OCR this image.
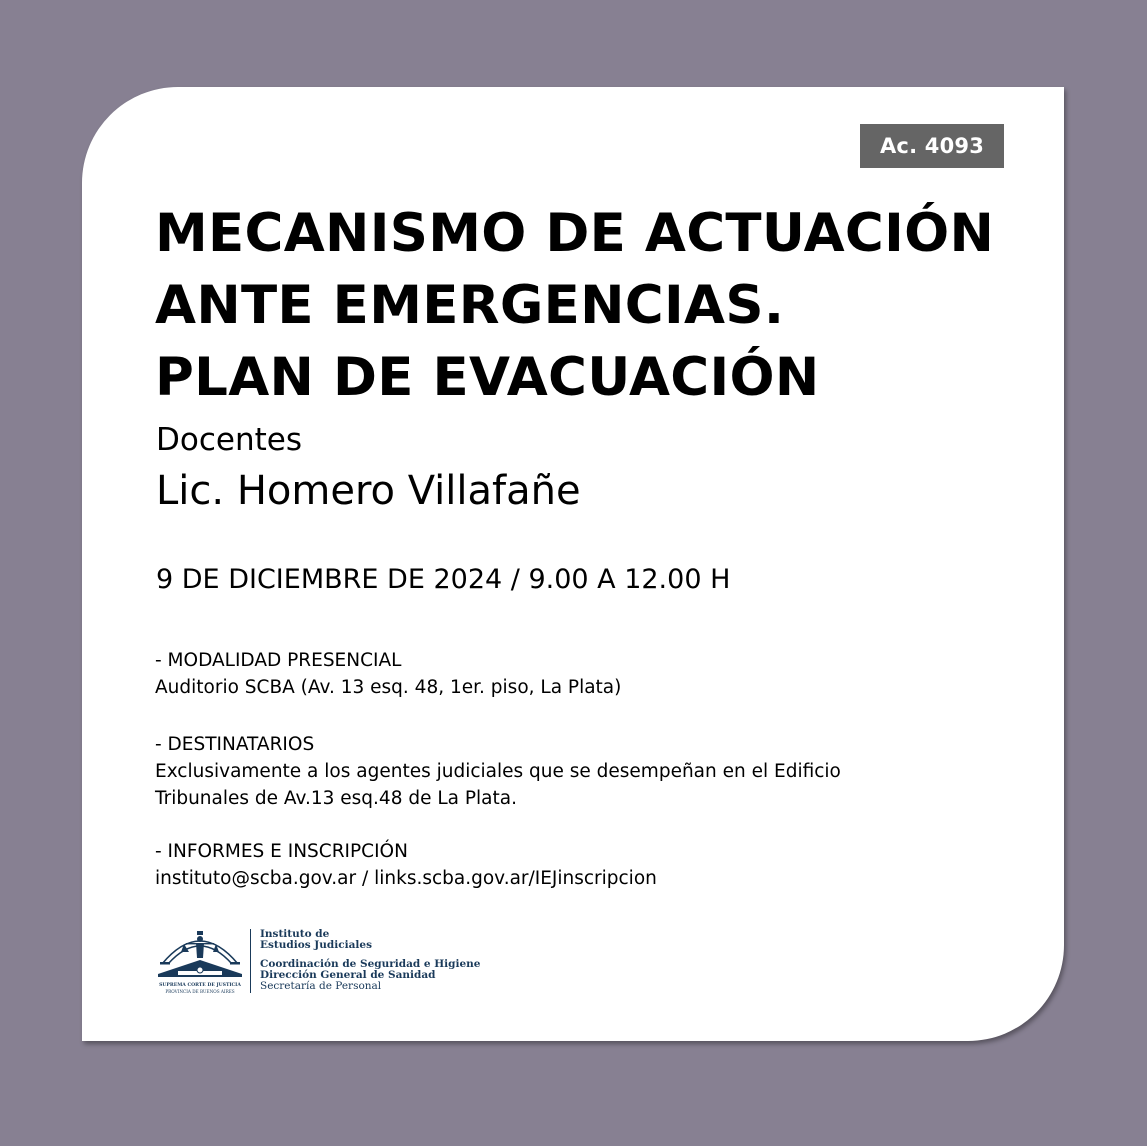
Ac. 4093
MECANISMO DE ACTUACIÓN
ANTE EMERGENCIAS.
PLAN DE EVACUACIÓN
Docentes
Lic. Homero Villafañe
9 DE DICIEMBRE DE 2024 / 9.00 A 12.00 H
- MODALIDAD PRESENCIAL
Auditorio SCBA (Av. 13 esq. 48, 1er. piso, La Plata)
- DESTINATARIOS
Exclusivamente a los agentes judiciales que se desempeñan en el Edificio
Tribunales de Av.13 esq.48 de La Plata.
- INFORMES E INSCRIPCIÓN
instituto@scba.gov.ar / links.scba.gov.ar/IEJinscripcion
SUPREMA CORTE DE JUSTICIA
PROVINCIA DE BUENOS AIRES
Instituto de
Estudios Judiciales
Coordinación de Seguridad e Higiene
Dirección General de Sanidad
Secretaría de Personal
